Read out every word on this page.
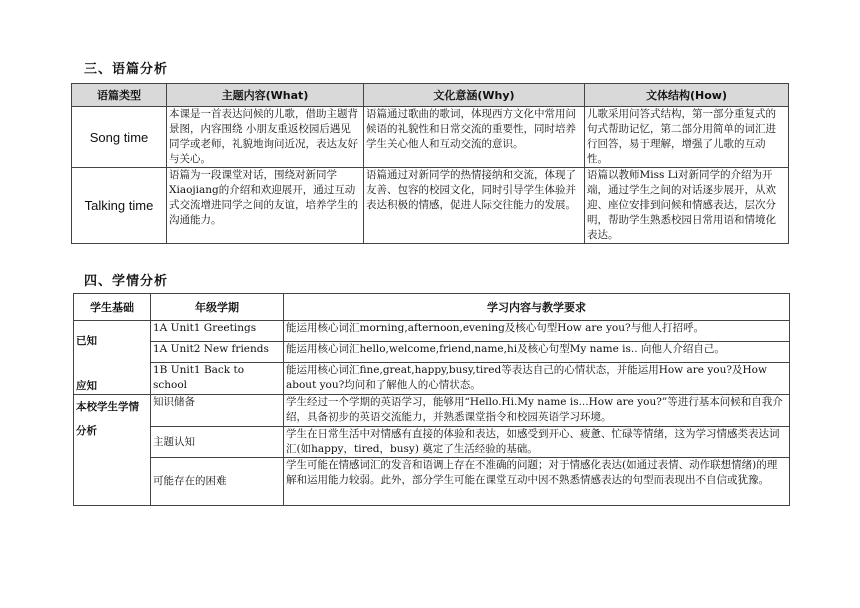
三、语篇分析
语篇类型	主题内容(What)	文化意涵(Why)	文体结构(How)
Song time	本课是一首表达问候的儿歌，借助主题背景图，内容围绕 小朋友重返校园后遇见同学或老师，礼貌地询问近况，表达友好与关心。	语篇通过歌曲的歌词，体现西方文化中常用问候语的礼貌性和日常交流的重要性，同时培养学生关心他人和互动交流的意识。	儿歌采用问答式结构，第一部分重复式的句式帮助记忆，第二部分用简单的词汇进行回答，易于理解，增强了儿歌的互动性。
Talking time	语篇为一段课堂对话，围绕对新同学Xiaojiang的介绍和欢迎展开，通过互动式交流增进同学之间的友谊，培养学生的沟通能力。	语篇通过对新同学的热情接纳和交流，体现了友善、包容的校园文化，同时引导学生体验并表达积极的情感，促进人际交往能力的发展。	语篇以教师Miss Li对新同学的介绍为开端，通过学生之间的对话逐步展开，从欢迎、座位安排到问候和情感表达，层次分明，帮助学生熟悉校园日常用语和情境化表达。
四、学情分析
学生基础	年级学期	学习内容与教学要求
已知	1A Unit1 Greetings	能运用核心词汇morning,afternoon,evening及核心句型How are you?与他人打招呼。
	1A Unit2 New friends	能运用核心词汇hello,welcome,friend,name,hi及核心句型My name is.. 向他人介绍自己。
应知	1B Unit1 Back to school	能运用核心词汇fine,great,happy,busy,tired等表达自己的心情状态，并能运用How are you?及How about you?均问和了解他人的心情状态。
本校学生学情分析	知识储备	学生经过一个学期的英语学习，能够用“Hello.Hi.My name is...How are you?”等进行基本问候和自我介绍，具备初步的英语交流能力，并熟悉课堂指令和校园英语学习环境。
	主题认知	学生在日常生活中对情感有直接的体验和表达，如感受到开心、疲惫、忙碌等情绪，这为学习情感类表达词汇(如happy，tired，busy) 奠定了生活经验的基础。
	可能存在的困难	学生可能在情感词汇的发音和语调上存在不准确的问题；对于情感化表达(如通过表情、动作联想情绪)的理解和运用能力较弱。此外，部分学生可能在课堂互动中因不熟悉情感表达的句型而表现出不自信或犹豫。
